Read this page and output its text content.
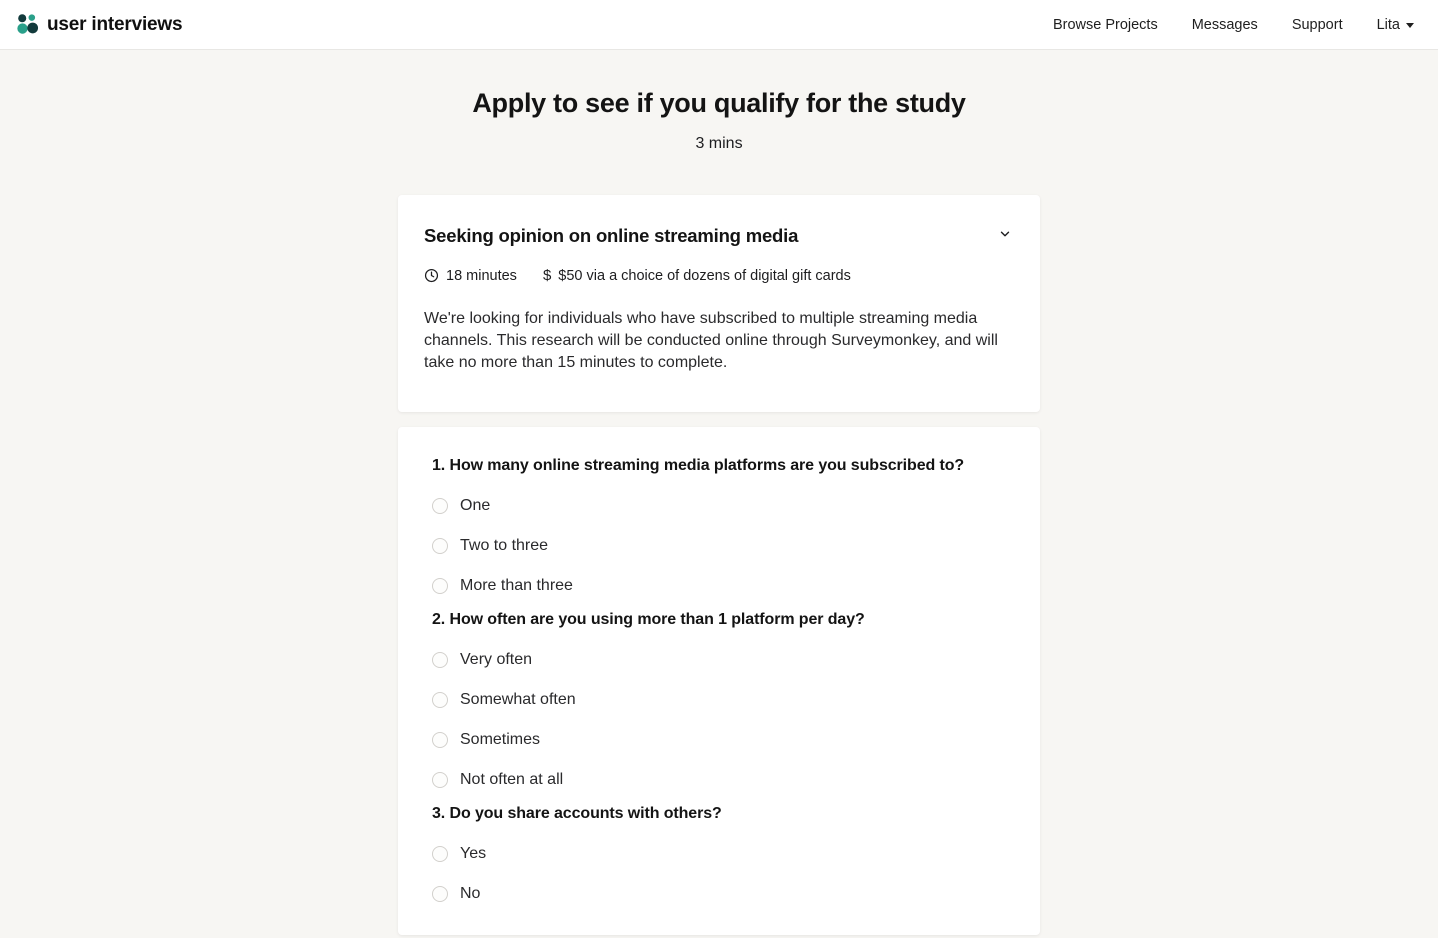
user interviews	Browse Projects Messages Support Lita
Apply to see if you qualify for the study
3 mins
Seeking opinion on online streaming media
18 minutes $ $50 via a choice of dozens of digital gift cards

We're looking for individuals who have subscribed to multiple streaming media channels. This research will be conducted online through Surveymonkey, and will take no more than 15 minutes to complete.

1. How many online streaming media platforms are you subscribed to?
One
Two to three
More than three
2. How often are you using more than 1 platform per day?
Very often
Somewhat often
Sometimes
Not often at all
3. Do you share accounts with others?
Yes
No
